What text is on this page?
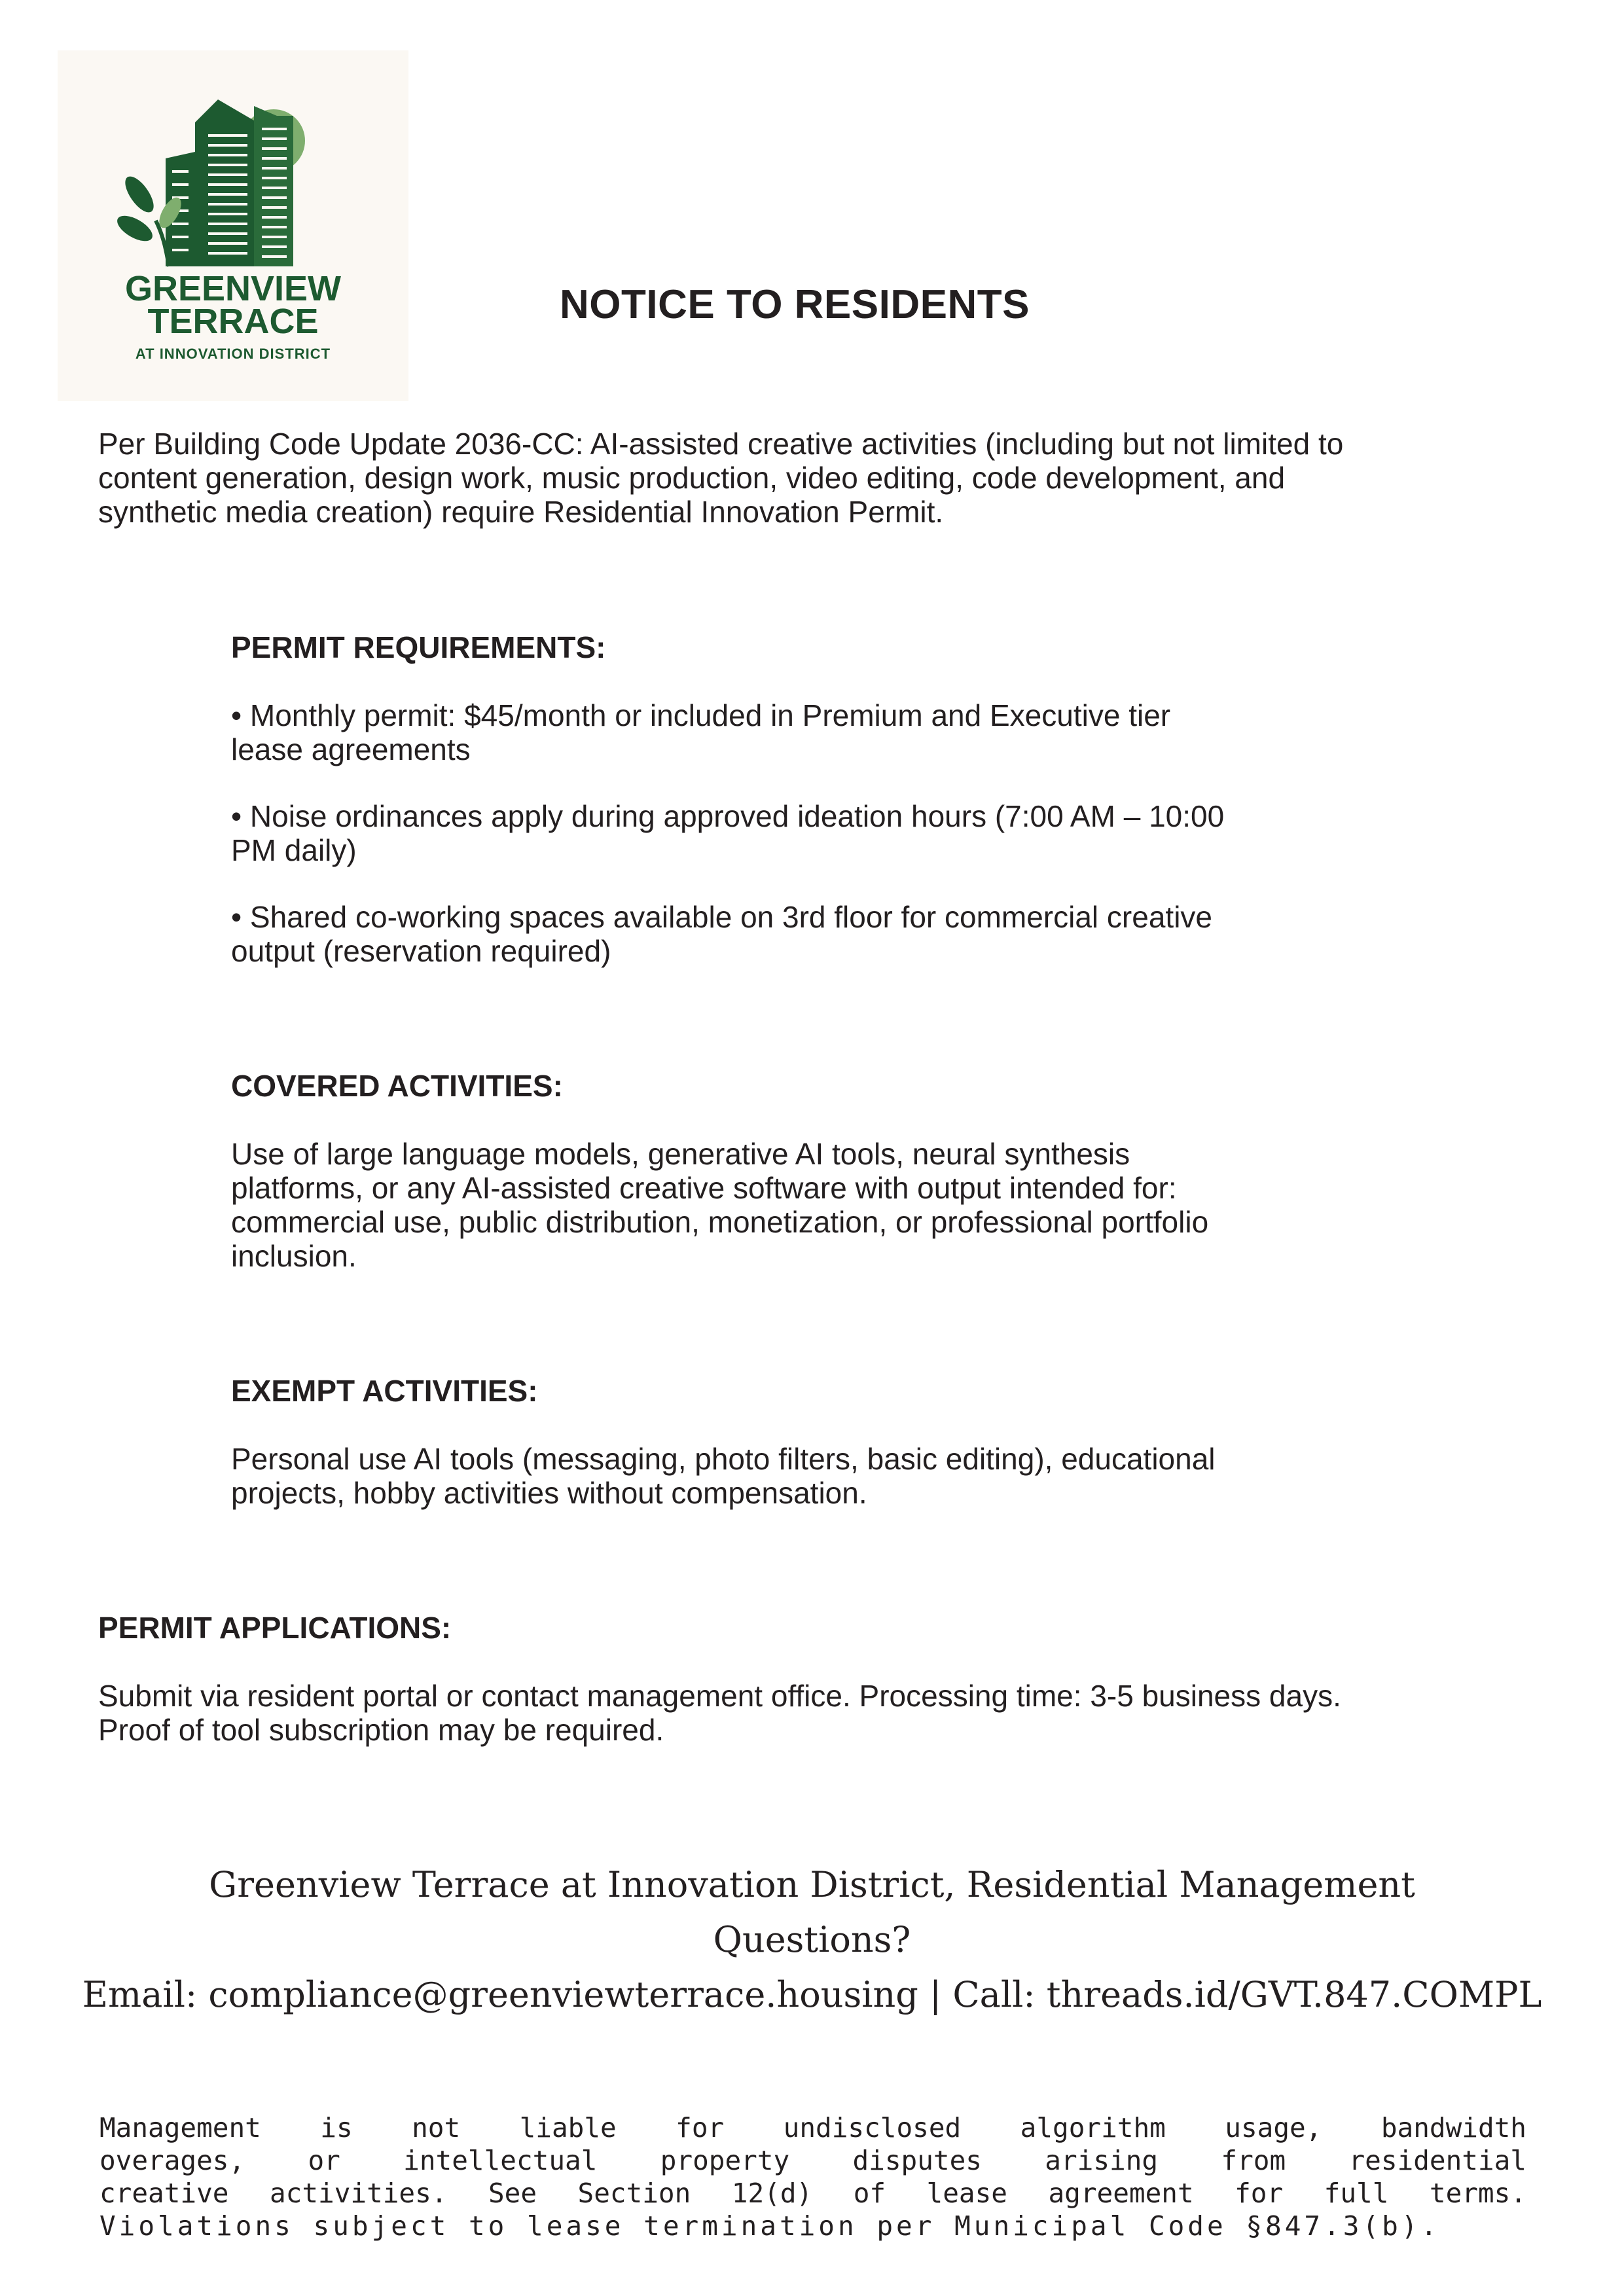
GREENVIEW
TERRACE
AT INNOVATION DISTRICT
NOTICE TO RESIDENTS
Per Building Code Update 2036-CC: AI-assisted creative activities (including but not limited to
content generation, design work, music production, video editing, code development, and
synthetic media creation) require Residential Innovation Permit.
PERMIT REQUIREMENTS:
• Monthly permit: $45/month or included in Premium and Executive tier
lease agreements
• Noise ordinances apply during approved ideation hours (7:00 AM – 10:00
PM daily)
• Shared co-working spaces available on 3rd floor for commercial creative
output (reservation required)
COVERED ACTIVITIES:
Use of large language models, generative AI tools, neural synthesis
platforms, or any AI-assisted creative software with output intended for:
commercial use, public distribution, monetization, or professional portfolio
inclusion.
EXEMPT ACTIVITIES:
Personal use AI tools (messaging, photo filters, basic editing), educational
projects, hobby activities without compensation.
PERMIT APPLICATIONS:
Submit via resident portal or contact management office. Processing time: 3-5 business days.
Proof of tool subscription may be required.
Greenview Terrace at Innovation District, Residential Management
Questions?
Email: compliance@greenviewterrace.housing | Call: threads.id/GVT.847.COMPL
Management is not liable for undisclosed algorithm usage, bandwidth
overages, or intellectual property disputes arising from residential
creative activities. See Section 12(d) of lease agreement for full terms.
Violations subject to lease termination per Municipal Code §847.3(b).
